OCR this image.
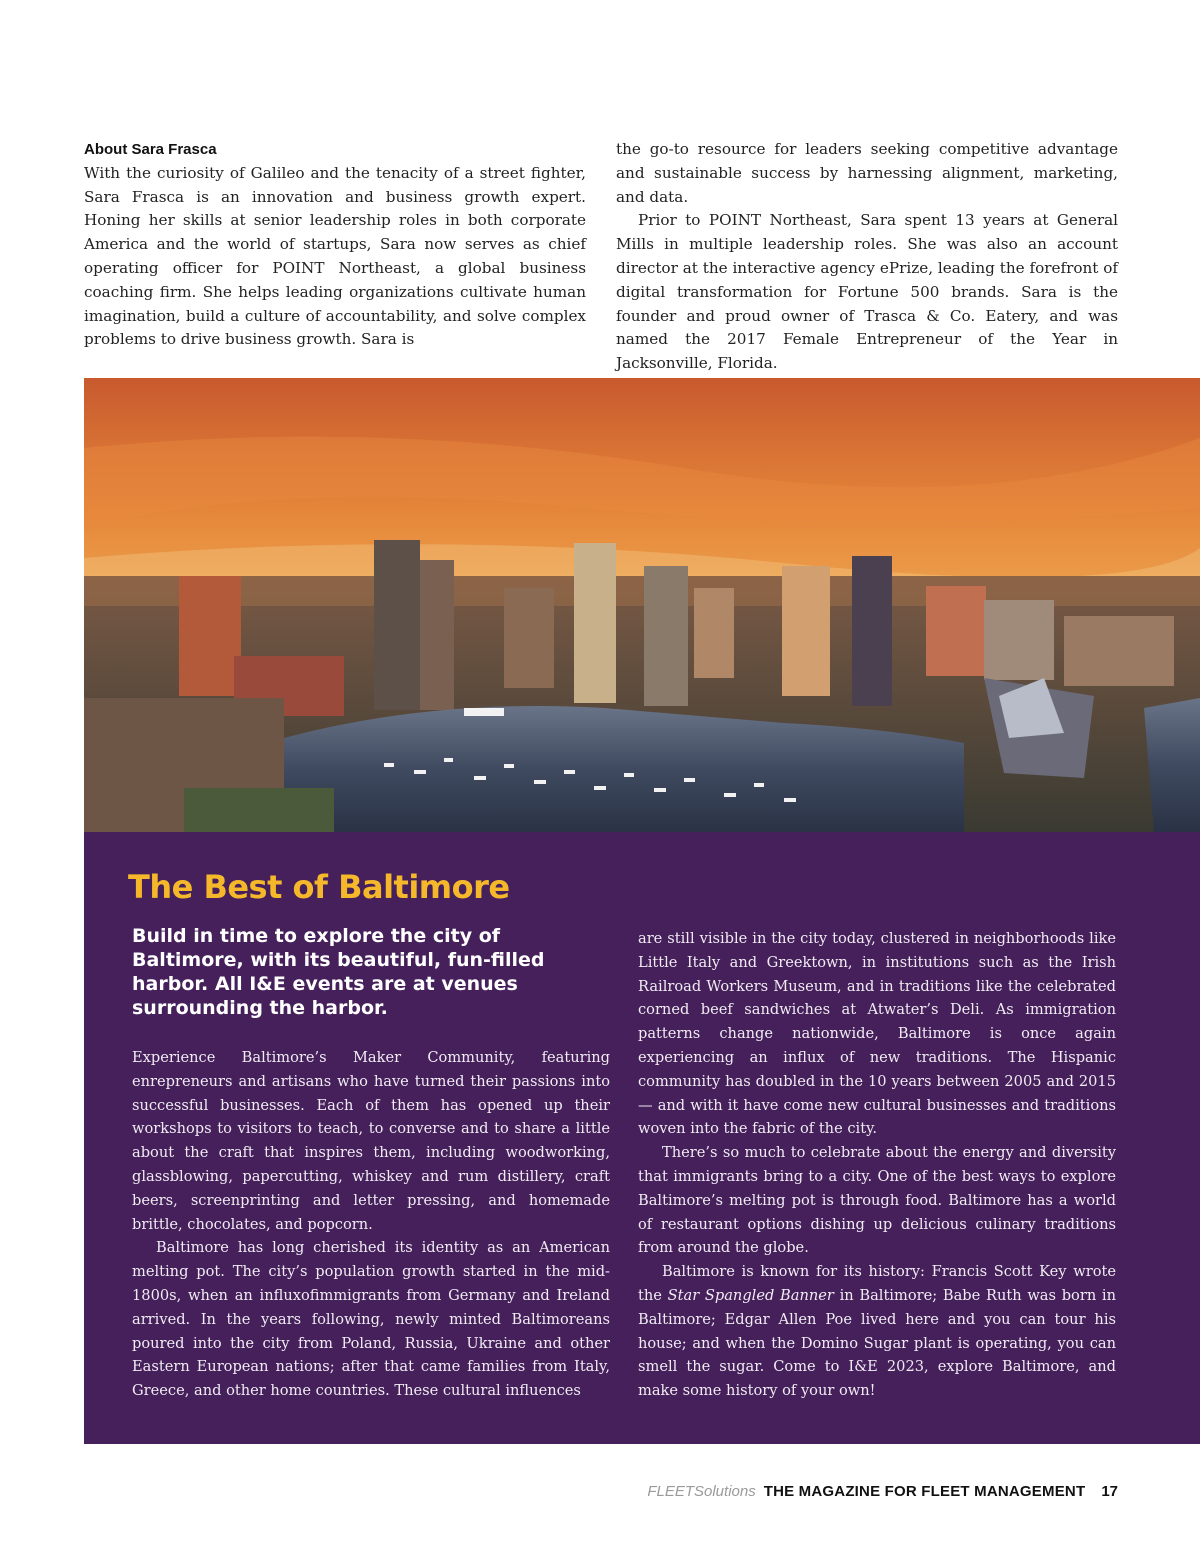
About Sara Frasca

With the curiosity of Galileo and the tenacity of a street fighter, Sara Frasca is an innovation and business growth expert. Honing her skills at senior leadership roles in both corporate America and the world of startups, Sara now serves as chief operating officer for POINT Northeast, a global business coaching firm. She helps leading organizations cultivate human imagination, build a culture of accountability, and solve complex problems to drive business growth. Sara is

the go-to resource for leaders seeking competitive advantage and sustainable success by harnessing alignment, marketing, and data.

Prior to POINT Northeast, Sara spent 13 years at General Mills in multiple leadership roles. She was also an account director at the interactive agency ePrize, leading the forefront of digital transformation for Fortune 500 brands. Sara is the founder and proud owner of Trasca & Co. Eatery, and was named the 2017 Female Entrepreneur of the Year in Jacksonville, Florida.

The Best of Baltimore

Build in time to explore the city of Baltimore, with its beautiful, fun-filled harbor. All I&E events are at venues surrounding the harbor.

Experience Baltimore’s Maker Community, featuring enrepreneurs and artisans who have turned their passions into successful businesses. Each of them has opened up their workshops to visitors to teach, to converse and to share a little about the craft that inspires them, including woodworking, glassblowing, papercutting, whiskey and rum distillery, craft beers, screenprinting and letter pressing, and homemade brittle, chocolates, and popcorn.

Baltimore has long cherished its identity as an American melting pot. The city’s population growth started in the mid-1800s, when an influxofimmigrants from Germany and Ireland arrived. In the years following, newly minted Baltimoreans poured into the city from Poland, Russia, Ukraine and other Eastern European nations; after that came families from Italy, Greece, and other home countries. These cultural influences

are still visible in the city today, clustered in neighborhoods like Little Italy and Greektown, in institutions such as the Irish Railroad Workers Museum, and in traditions like the celebrated corned beef sandwiches at Atwater’s Deli. As immigration patterns change nationwide, Baltimore is once again experiencing an influx of new traditions. The Hispanic community has doubled in the 10 years between 2005 and 2015 — and with it have come new cultural businesses and traditions woven into the fabric of the city.

There’s so much to celebrate about the energy and diversity that immigrants bring to a city. One of the best ways to explore Baltimore’s melting pot is through food. Baltimore has a world of restaurant options dishing up delicious culinary traditions from around the globe.

Baltimore is known for its history: Francis Scott Key wrote the Star Spangled Banner in Baltimore; Babe Ruth was born in Baltimore; Edgar Allen Poe lived here and you can tour his house; and when the Domino Sugar plant is operating, you can smell the sugar. Come to I&E 2023, explore Baltimore, and make some history of your own!

FLEETSolutions THE MAGAZINE FOR FLEET MANAGEMENT 17
